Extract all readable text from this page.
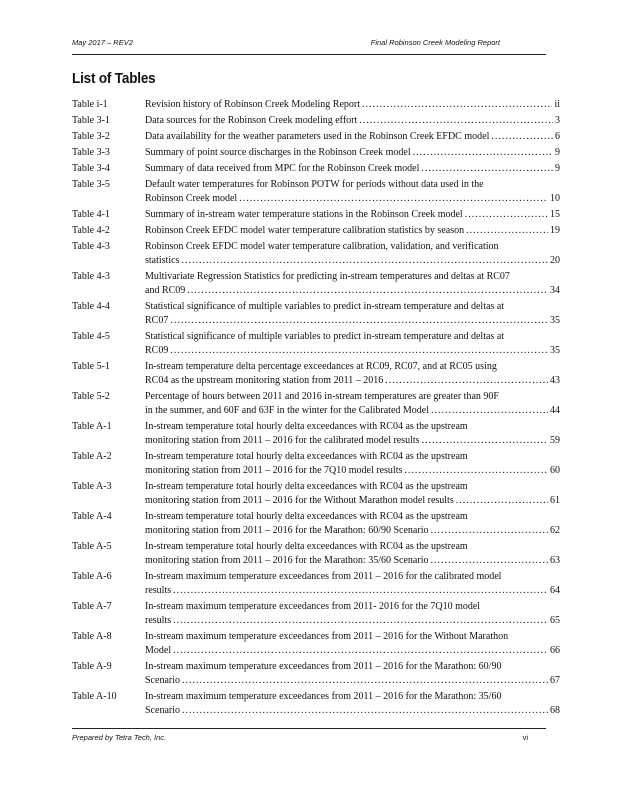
May 2017 – REV2	Final Robinson Creek Modeling Report
List of Tables
Table i-1	Revision history of Robinson Creek Modeling Report .....	ii
Table 3-1	Data sources for the Robinson Creek modeling effort .....	3
Table 3-2	Data availability for the weather parameters used in the Robinson Creek EFDC model .....	6
Table 3-3	Summary of point source discharges in the Robinson Creek model .....	9
Table 3-4	Summary of data received from MPC for the Robinson Creek model .....	9
Table 3-5	Default water temperatures for Robinson POTW for periods without data used in the
Robinson Creek model .....	10
Table 4-1	Summary of in-stream water temperature stations in the Robinson Creek model .....	15
Table 4-2	Robinson Creek EFDC model water temperature calibration statistics by season .....	19
Table 4-3	Robinson Creek EFDC model water temperature calibration, validation, and verification
statistics .....	20
Table 4-3	Multivariate Regression Statistics for predicting in-stream temperatures and deltas at RC07
and RC09 .....	34
Table 4-4	Statistical significance of multiple variables to predict in-stream temperature and deltas at
RC07 .....	35
Table 4-5	Statistical significance of multiple variables to predict in-stream temperature and deltas at
RC09 .....	35
Table 5-1	In-stream temperature delta percentage exceedances at RC09, RC07, and at RC05 using
RC04 as the upstream monitoring station from 2011 – 2016 .....	43
Table 5-2	Percentage of hours between 2011 and 2016 in-stream temperatures are greater than 90F
in the summer, and 60F and 63F in the winter for the Calibrated Model .....	44
Table A-1	In-stream temperature total hourly delta exceedances with RC04 as the upstream
monitoring station from 2011 – 2016 for the calibrated model results .....	59
Table A-2	In-stream temperature total hourly delta exceedances with RC04 as the upstream
monitoring station from 2011 – 2016 for the 7Q10 model results .....	60
Table A-3	In-stream temperature total hourly delta exceedances with RC04 as the upstream
monitoring station from 2011 – 2016 for the Without Marathon model results .....	61
Table A-4	In-stream temperature total hourly delta exceedances with RC04 as the upstream
monitoring station from 2011 – 2016 for the Marathon: 60/90 Scenario .....	62
Table A-5	In-stream temperature total hourly delta exceedances with RC04 as the upstream
monitoring station from 2011 – 2016 for the Marathon: 35/60 Scenario .....	63
Table A-6	In-stream maximum temperature exceedances from 2011 – 2016 for the calibrated model
results .....	64
Table A-7	In-stream maximum temperature exceedances from 2011- 2016 for the 7Q10 model
results .....	65
Table A-8	In-stream maximum temperature exceedances from 2011 – 2016 for the Without Marathon
Model .....	66
Table A-9	In-stream maximum temperature exceedances from 2011 – 2016 for the Marathon: 60/90
Scenario .....	67
Table A-10	In-stream maximum temperature exceedances from 2011 – 2016 for the Marathon: 35/60
Scenario .....	68
Prepared by Tetra Tech, Inc.	vi
